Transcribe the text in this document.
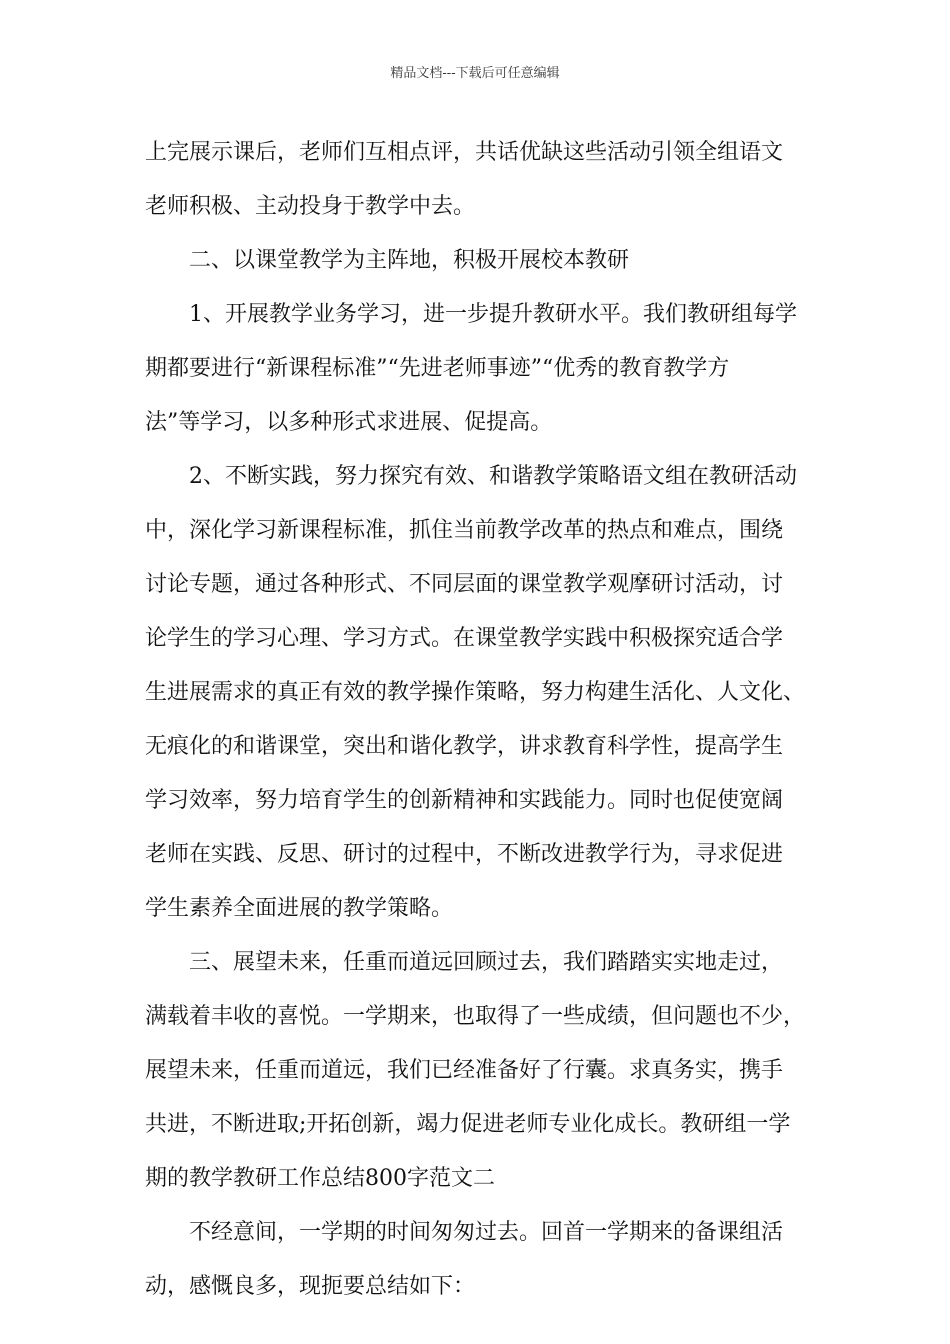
精品文档---下载后可任意编辑
上完展示课后，老师们互相点评，共话优缺这些活动引领全组语文
老师积极、主动投身于教学中去。
二、以课堂教学为主阵地，积极开展校本教研
1、开展教学业务学习，进一步提升教研水平。我们教研组每学
期都要进行“新课程标准”“先进老师事迹”“优秀的教育教学方
法”等学习，以多种形式求进展、促提高。
2、不断实践，努力探究有效、和谐教学策略语文组在教研活动
中，深化学习新课程标准，抓住当前教学改革的热点和难点，围绕
讨论专题，通过各种形式、不同层面的课堂教学观摩研讨活动，讨
论学生的学习心理、学习方式。在课堂教学实践中积极探究适合学
生进展需求的真正有效的教学操作策略，努力构建生活化、人文化、
无痕化的和谐课堂，突出和谐化教学，讲求教育科学性，提高学生
学习效率，努力培育学生的创新精神和实践能力。同时也促使宽阔
老师在实践、反思、研讨的过程中，不断改进教学行为，寻求促进
学生素养全面进展的教学策略。
三、展望未来，任重而道远回顾过去，我们踏踏实实地走过，
满载着丰收的喜悦。一学期来，也取得了一些成绩，但问题也不少，
展望未来，任重而道远，我们已经准备好了行囊。求真务实，携手
共进，不断进取;开拓创新，竭力促进老师专业化成长。教研组一学
期的教学教研工作总结800字范文二
不经意间，一学期的时间匆匆过去。回首一学期来的备课组活
动，感慨良多，现扼要总结如下：
